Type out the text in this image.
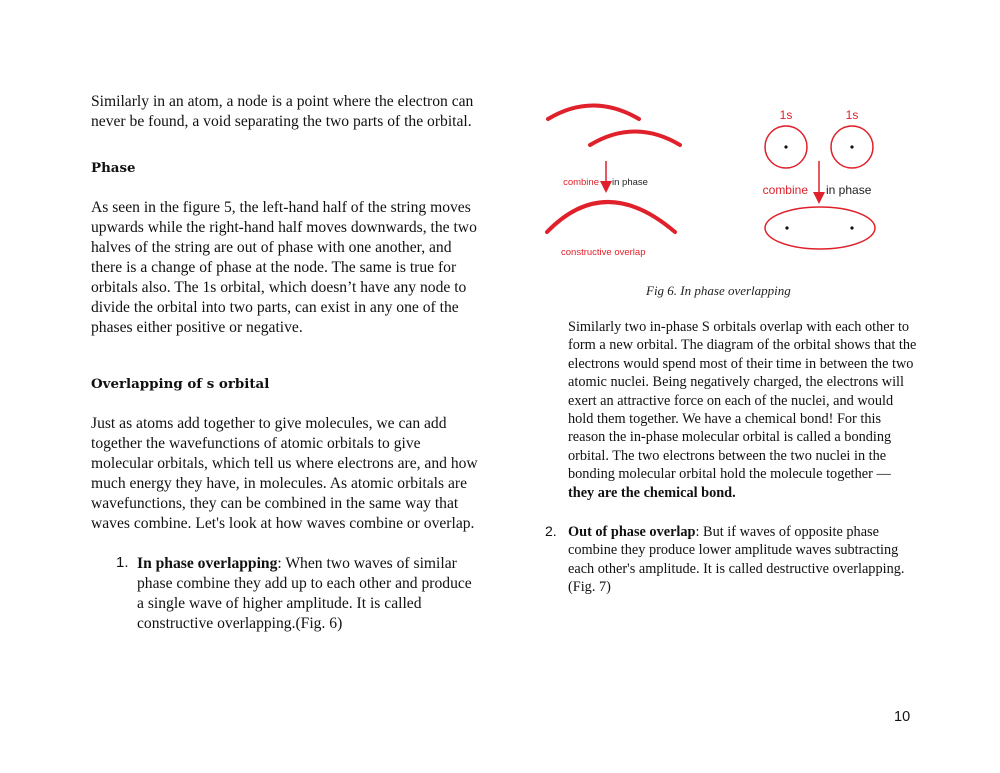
Similarly in an atom, a node is a point where the electron can never be found, a void separating the two parts of the orbital.

Phase

As seen in the figure 5, the left-hand half of the string moves upwards while the right-hand half moves downwards, the two halves of the string are out of phase with one another, and there is a change of phase at the node. The same is true for orbitals also. The 1s orbital, which doesn’t have any node to divide the orbital into two parts, can exist in any one of the phases either positive or negative.

Overlapping of s orbital

Just as atoms add together to give molecules, we can add together the wavefunctions of atomic orbitals to give molecular orbitals, which tell us where electrons are, and how much energy they have, in molecules. As atomic orbitals are wavefunctions, they can be combined in the same way that waves combine. Let's look at how waves combine or overlap.

1. In phase overlapping: When two waves of similar phase combine they add up to each other and produce a single wave of higher amplitude. It is called constructive overlapping.(Fig. 6)

combine in phase
constructive overlap
1s	1s
combine in phase
Fig 6. In phase overlapping

Similarly two in-phase S orbitals overlap with each other to form a new orbital. The diagram of the orbital shows that the electrons would spend most of their time in between the two atomic nuclei. Being negatively charged, the electrons will exert an attractive force on each of the nuclei, and would hold them together. We have a chemical bond! For this reason the in-phase molecular orbital is called a bonding orbital. The two electrons between the two nuclei in the bonding molecular orbital hold the molecule together — they are the chemical bond.

2. Out of phase overlap: But if waves of opposite phase combine they produce lower amplitude waves subtracting each other's amplitude. It is called destructive overlapping.(Fig. 7)

10
